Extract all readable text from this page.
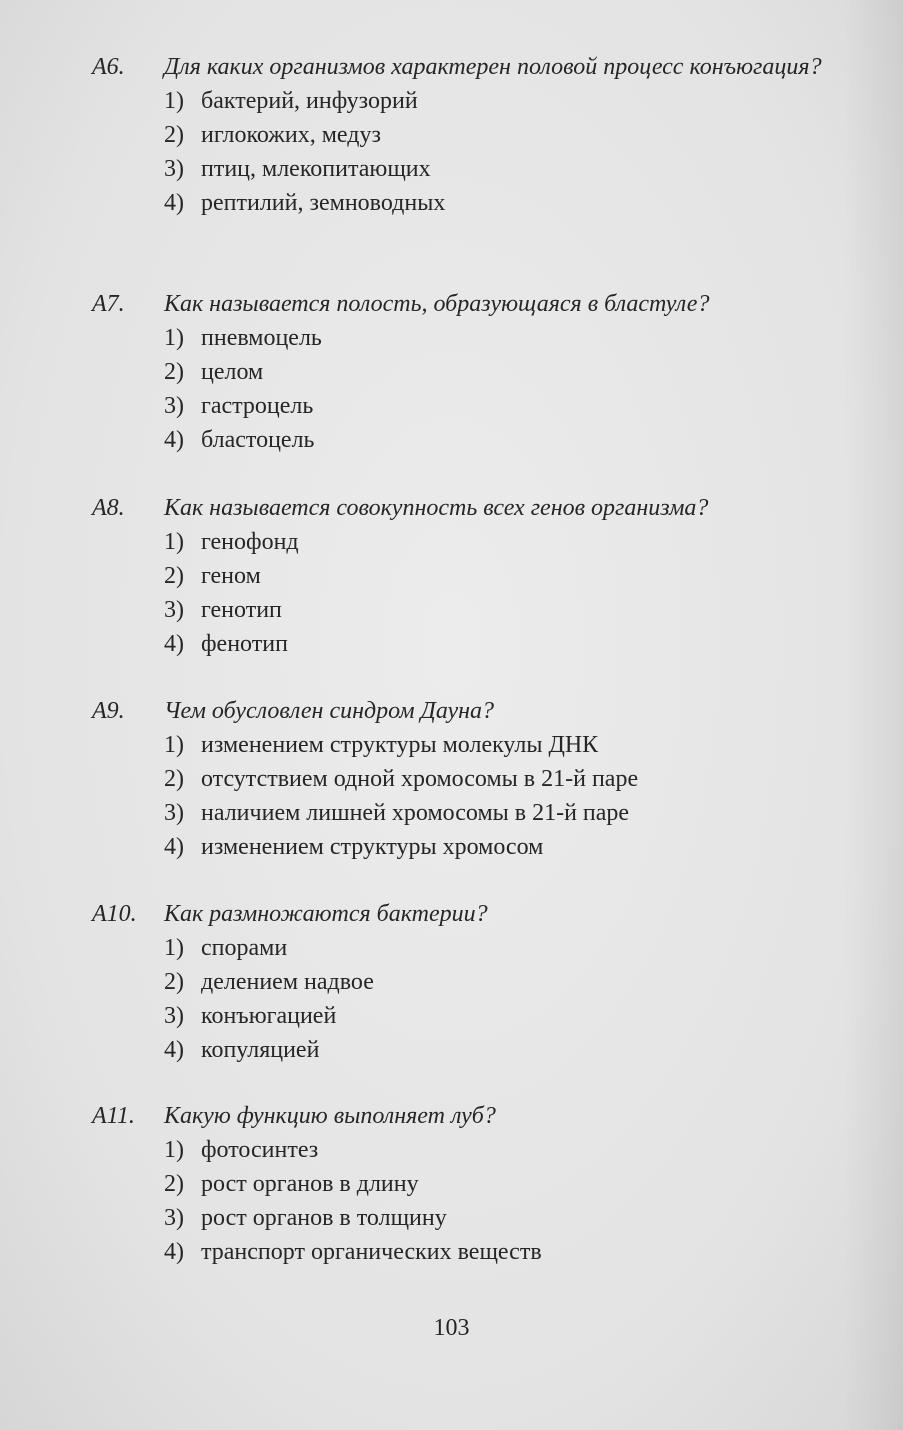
А6. Для каких организмов характерен половой процесс конъюгация?
1) бактерий, инфузорий
2) иглокожих, медуз
3) птиц, млекопитающих
4) рептилий, земноводных
А7. Как называется полость, образующаяся в бластуле?
1) пневмоцель
2) целом
3) гастроцель
4) бластоцель
А8. Как называется совокупность всех генов организма?
1) генофонд
2) геном
3) генотип
4) фенотип
А9. Чем обусловлен синдром Дауна?
1) изменением структуры молекулы ДНК
2) отсутствием одной хромосомы в 21-й паре
3) наличием лишней хромосомы в 21-й паре
4) изменением структуры хромосом
А10. Как размножаются бактерии?
1) спорами
2) делением надвое
3) конъюгацией
4) копуляцией
А11. Какую функцию выполняет луб?
1) фотосинтез
2) рост органов в длину
3) рост органов в толщину
4) транспорт органических веществ
103
